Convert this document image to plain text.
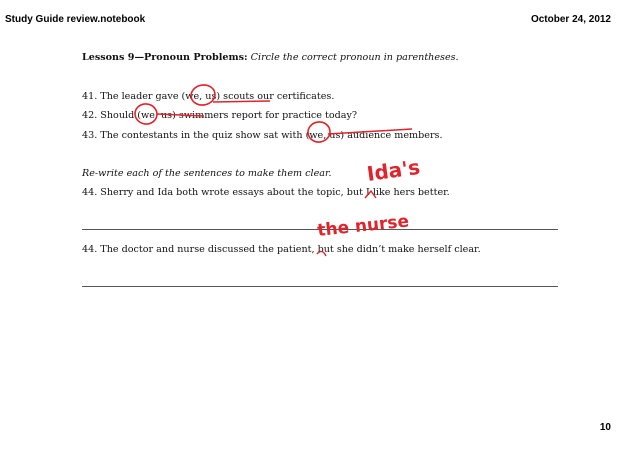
Study Guide review.notebook	October 24, 2012
Lessons 9—Pronoun Problems: Circle the correct pronoun in parentheses.
41. The leader gave (we, us) scouts our certificates.
42. Should (we, us) swimmers report for practice today?
43. The contestants in the quiz show sat with (we, us) audience members.
Re-write each of the sentences to make them clear.
44. Sherry and Ida both wrote essays about the topic, but I like hers better.
44. The doctor and nurse discussed the patient, but she didn’t make herself clear.
Ida's
the nurse
10
